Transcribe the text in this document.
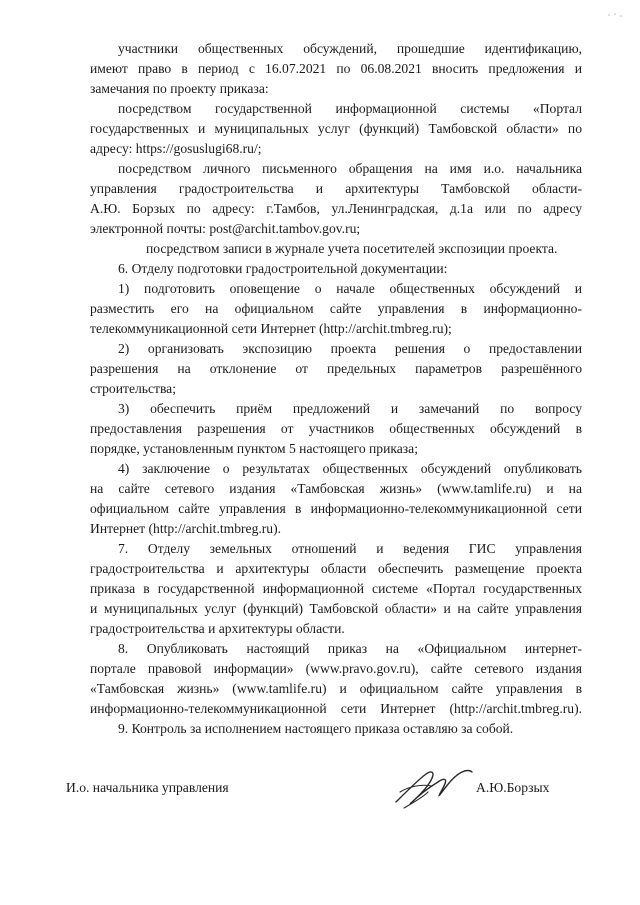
участники общественных обсуждений, прошедшие идентификацию,
имеют право в период с 16.07.2021 по 06.08.2021 вносить предложения и
замечания по проекту приказа:
посредством государственной информационной системы «Портал
государственных и муниципальных услуг (функций) Тамбовской области» по
адресу: https://gosuslugi68.ru/;
посредством личного письменного обращения на имя и.о. начальника
управления градостроительства и архитектуры Тамбовской области-
А.Ю. Борзых по адресу: г.Тамбов, ул.Ленинградская, д.1а или по адресу
электронной почты: post@archit.tambov.gov.ru;
посредством записи в журнале учета посетителей экспозиции проекта.
6. Отделу подготовки градостроительной документации:
1) подготовить оповещение о начале общественных обсуждений и
разместить его на официальном сайте управления в информационно-
телекоммуникационной сети Интернет (http://archit.tmbreg.ru);
2) организовать экспозицию проекта решения о предоставлении
разрешения на отклонение от предельных параметров разрешённого
строительства;
3) обеспечить приём предложений и замечаний по вопросу
предоставления разрешения от участников общественных обсуждений в
порядке, установленным пунктом 5 настоящего приказа;
4) заключение о результатах общественных обсуждений опубликовать
на сайте сетевого издания «Тамбовская жизнь» (www.tamlife.ru) и на
официальном сайте управления в информационно-телекоммуникационной сети
Интернет (http://archit.tmbreg.ru).
7. Отделу земельных отношений и ведения ГИС управления
градостроительства и архитектуры области обеспечить размещение проекта
приказа в государственной информационной системе «Портал государственных
и муниципальных услуг (функций) Тамбовской области» и на сайте управления
градостроительства и архитектуры области.
8. Опубликовать настоящий приказ на «Официальном интернет-
портале правовой информации» (www.pravo.gov.ru), сайте сетевого издания
«Тамбовская жизнь» (www.tamlife.ru) и официальном сайте управления в
информационно-телекоммуникационной сети Интернет (http://archit.tmbreg.ru).
9. Контроль за исполнением настоящего приказа оставляю за собой.
И.о. начальника управления	А.Ю.Борзых
